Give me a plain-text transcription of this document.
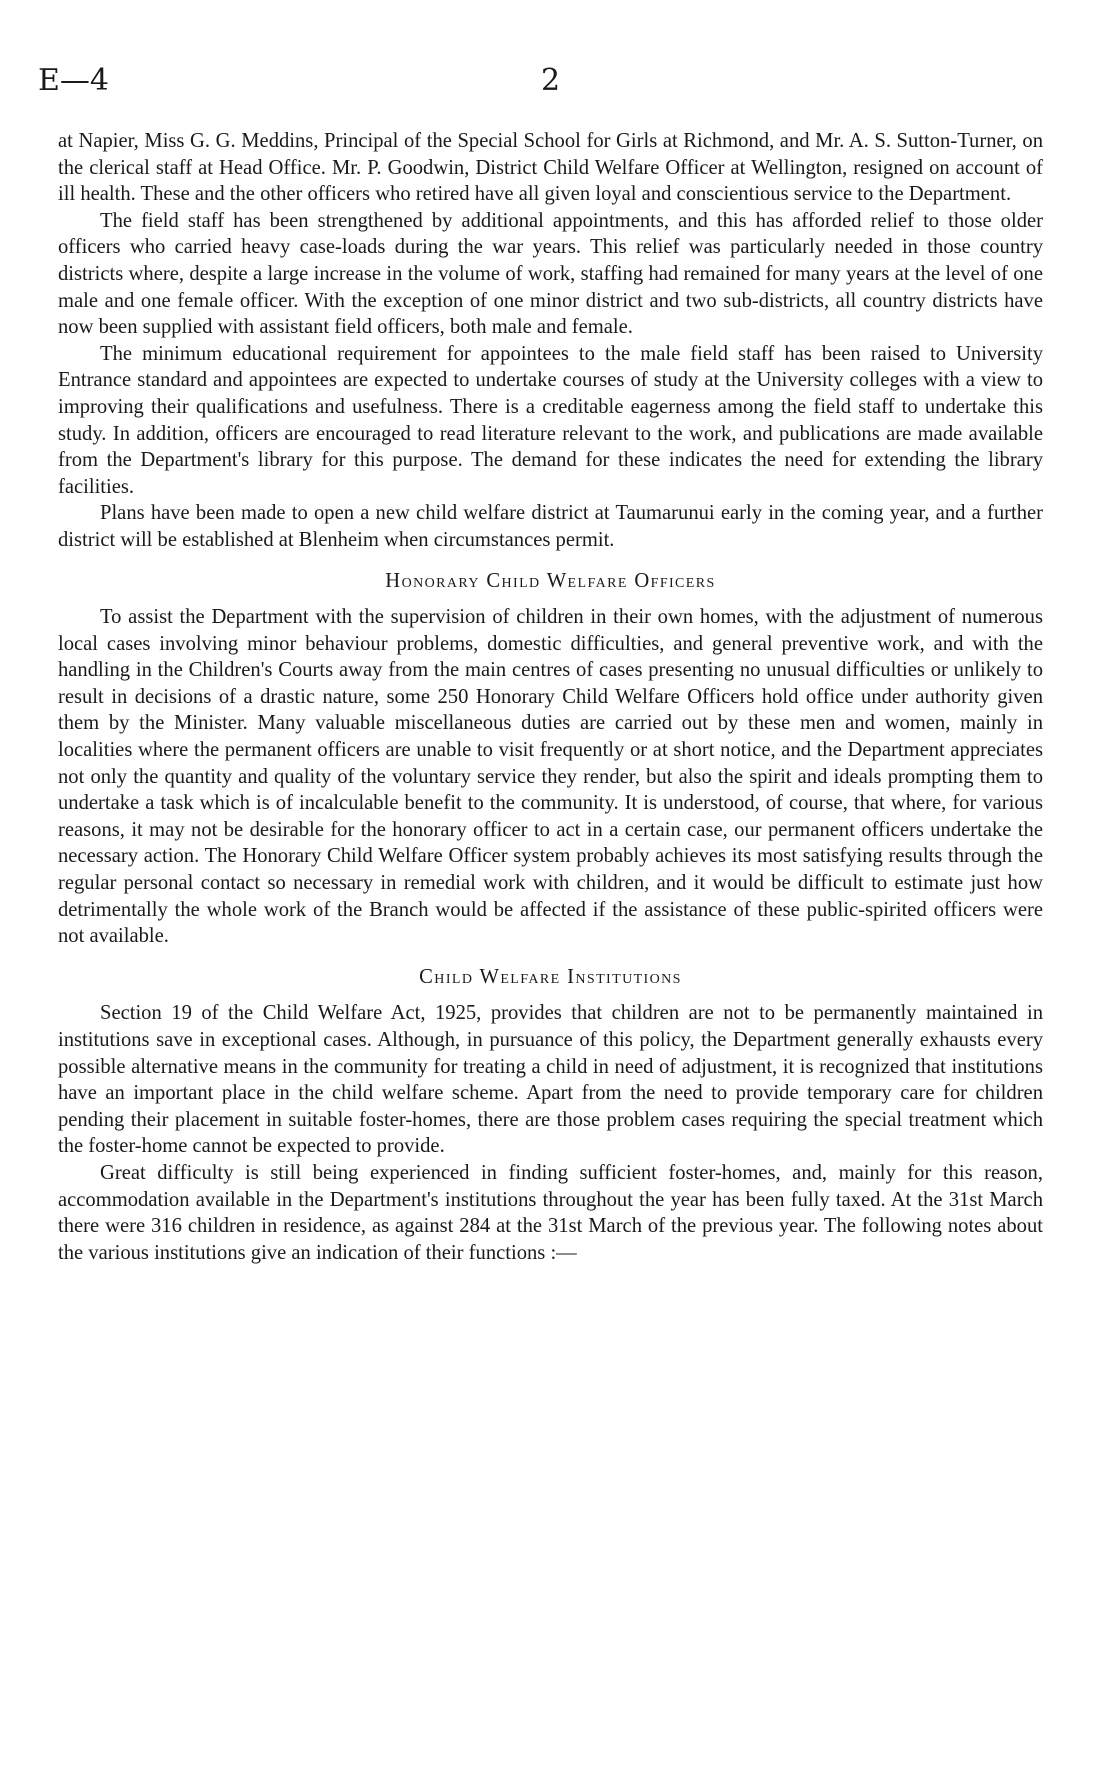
E—4	2

at Napier, Miss G. G. Meddins, Principal of the Special School for Girls at Richmond, and Mr. A. S. Sutton-Turner, on the clerical staff at Head Office. Mr. P. Goodwin, District Child Welfare Officer at Wellington, resigned on account of ill health. These and the other officers who retired have all given loyal and conscientious service to the Department.

The field staff has been strengthened by additional appointments, and this has afforded relief to those older officers who carried heavy case-loads during the war years. This relief was particularly needed in those country districts where, despite a large increase in the volume of work, staffing had remained for many years at the level of one male and one female officer. With the exception of one minor district and two sub-districts, all country districts have now been supplied with assistant field officers, both male and female.

The minimum educational requirement for appointees to the male field staff has been raised to University Entrance standard and appointees are expected to undertake courses of study at the University colleges with a view to improving their qualifications and usefulness. There is a creditable eagerness among the field staff to undertake this study. In addition, officers are encouraged to read literature relevant to the work, and publications are made available from the Department's library for this purpose. The demand for these indicates the need for extending the library facilities.

Plans have been made to open a new child welfare district at Taumarunui early in the coming year, and a further district will be established at Blenheim when circumstances permit.

Honorary Child Welfare Officers

To assist the Department with the supervision of children in their own homes, with the adjustment of numerous local cases involving minor behaviour problems, domestic difficulties, and general preventive work, and with the handling in the Children's Courts away from the main centres of cases presenting no unusual difficulties or unlikely to result in decisions of a drastic nature, some 250 Honorary Child Welfare Officers hold office under authority given them by the Minister. Many valuable miscellaneous duties are carried out by these men and women, mainly in localities where the permanent officers are unable to visit frequently or at short notice, and the Department appreciates not only the quantity and quality of the voluntary service they render, but also the spirit and ideals prompting them to undertake a task which is of incalculable benefit to the community. It is understood, of course, that where, for various reasons, it may not be desirable for the honorary officer to act in a certain case, our permanent officers undertake the necessary action. The Honorary Child Welfare Officer system probably achieves its most satisfying results through the regular personal contact so necessary in remedial work with children, and it would be difficult to estimate just how detrimentally the whole work of the Branch would be affected if the assistance of these public-spirited officers were not available.

Child Welfare Institutions

Section 19 of the Child Welfare Act, 1925, provides that children are not to be permanently maintained in institutions save in exceptional cases. Although, in pursuance of this policy, the Department generally exhausts every possible alternative means in the community for treating a child in need of adjustment, it is recognized that institutions have an important place in the child welfare scheme. Apart from the need to provide temporary care for children pending their placement in suitable foster-homes, there are those problem cases requiring the special treatment which the foster-home cannot be expected to provide.

Great difficulty is still being experienced in finding sufficient foster-homes, and, mainly for this reason, accommodation available in the Department's institutions throughout the year has been fully taxed. At the 31st March there were 316 children in residence, as against 284 at the 31st March of the previous year. The following notes about the various institutions give an indication of their functions :—
